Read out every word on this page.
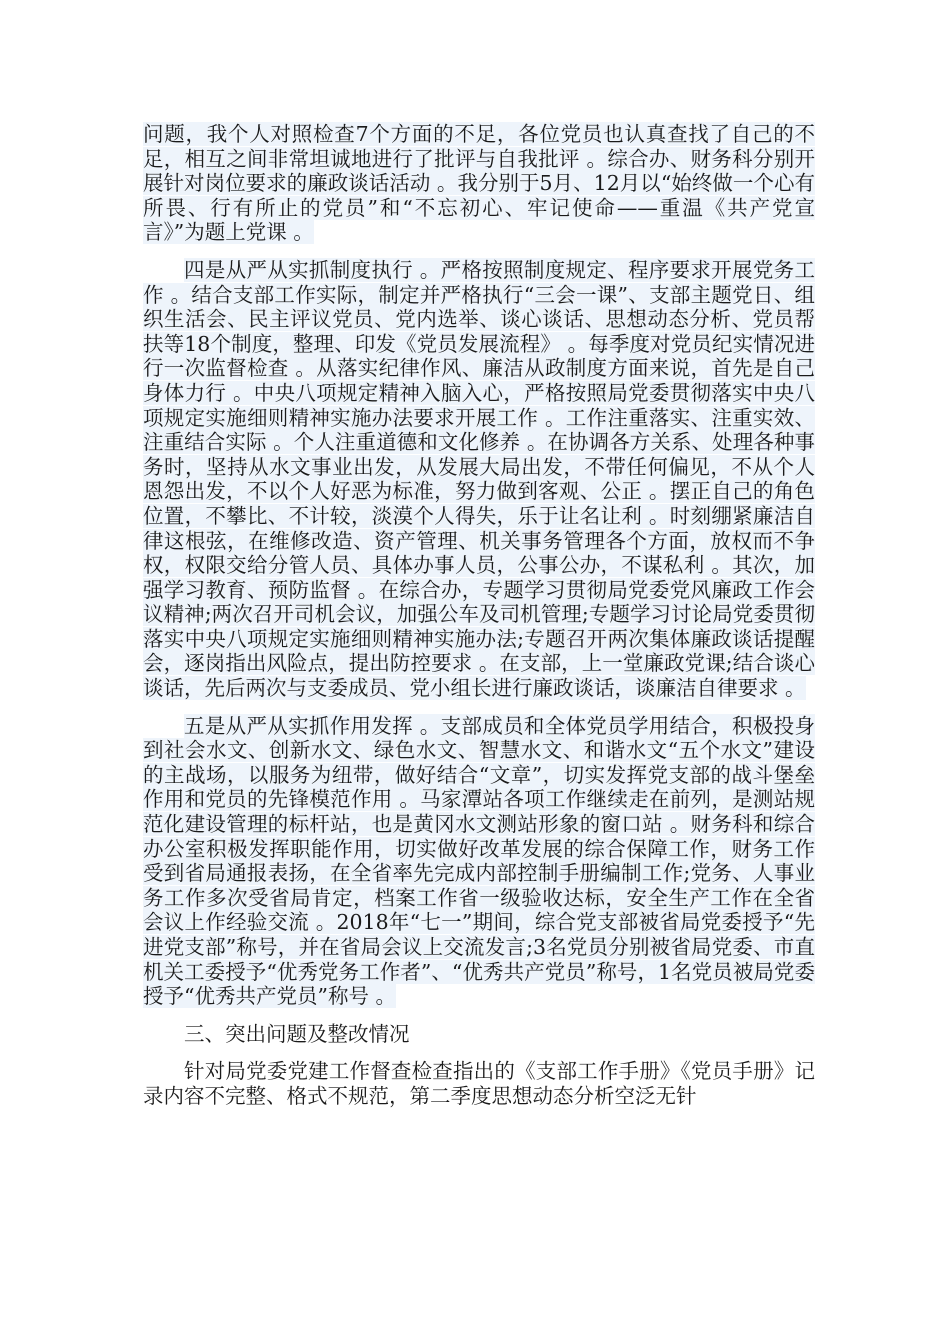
问题，我个人对照检查7个方面的不足，各位党员也认真查找了自己的不足，相互之间非常坦诚地进行了批评与自我批评 。综合办、财务科分别开展针对岗位要求的廉政谈话活动 。我分别于5月、12月以“始终做一个心有所畏、行有所止的党员”和“不忘初心、牢记使命——重温《共产党宣言》”为题上党课 。

四是从严从实抓制度执行 。严格按照制度规定、程序要求开展党务工作 。结合支部工作实际，制定并严格执行“三会一课”、支部主题党日、组织生活会、民主评议党员、党内选举、谈心谈话、思想动态分析、党员帮扶等18个制度，整理、印发《党员发展流程》 。每季度对党员纪实情况进行一次监督检查 。从落实纪律作风、廉洁从政制度方面来说，首先是自己身体力行 。中央八项规定精神入脑入心，严格按照局党委贯彻落实中央八项规定实施细则精神实施办法要求开展工作 。工作注重落实、注重实效、注重结合实际 。个人注重道德和文化修养 。在协调各方关系、处理各种事务时，坚持从水文事业出发，从发展大局出发，不带任何偏见，不从个人恩怨出发，不以个人好恶为标准，努力做到客观、公正 。摆正自己的角色位置，不攀比、不计较，淡漠个人得失，乐于让名让利 。时刻绷紧廉洁自律这根弦，在维修改造、资产管理、机关事务管理各个方面，放权而不争权，权限交给分管人员、具体办事人员，公事公办，不谋私利 。其次，加强学习教育、预防监督 。在综合办，专题学习贯彻局党委党风廉政工作会议精神;两次召开司机会议，加强公车及司机管理;专题学习讨论局党委贯彻落实中央八项规定实施细则精神实施办法;专题召开两次集体廉政谈话提醒会，逐岗指出风险点，提出防控要求 。在支部，上一堂廉政党课;结合谈心谈话，先后两次与支委成员、党小组长进行廉政谈话，谈廉洁自律要求 。

五是从严从实抓作用发挥 。支部成员和全体党员学用结合，积极投身到社会水文、创新水文、绿色水文、智慧水文、和谐水文“五个水文”建设的主战场，以服务为纽带，做好结合“文章”，切实发挥党支部的战斗堡垒作用和党员的先锋模范作用 。马家潭站各项工作继续走在前列，是测站规范化建设管理的标杆站，也是黄冈水文测站形象的窗口站 。财务科和综合办公室积极发挥职能作用，切实做好改革发展的综合保障工作，财务工作受到省局通报表扬，在全省率先完成内部控制手册编制工作;党务、人事业务工作多次受省局肯定，档案工作省一级验收达标，安全生产工作在全省会议上作经验交流 。2018年“七一”期间，综合党支部被省局党委授予“先进党支部”称号，并在省局会议上交流发言;3名党员分别被省局党委、市直机关工委授予“优秀党务工作者”、“优秀共产党员”称号，1名党员被局党委授予“优秀共产党员”称号 。

三、突出问题及整改情况

针对局党委党建工作督查检查指出的《支部工作手册》《党员手册》记录内容不完整、格式不规范，第二季度思想动态分析空泛无针
